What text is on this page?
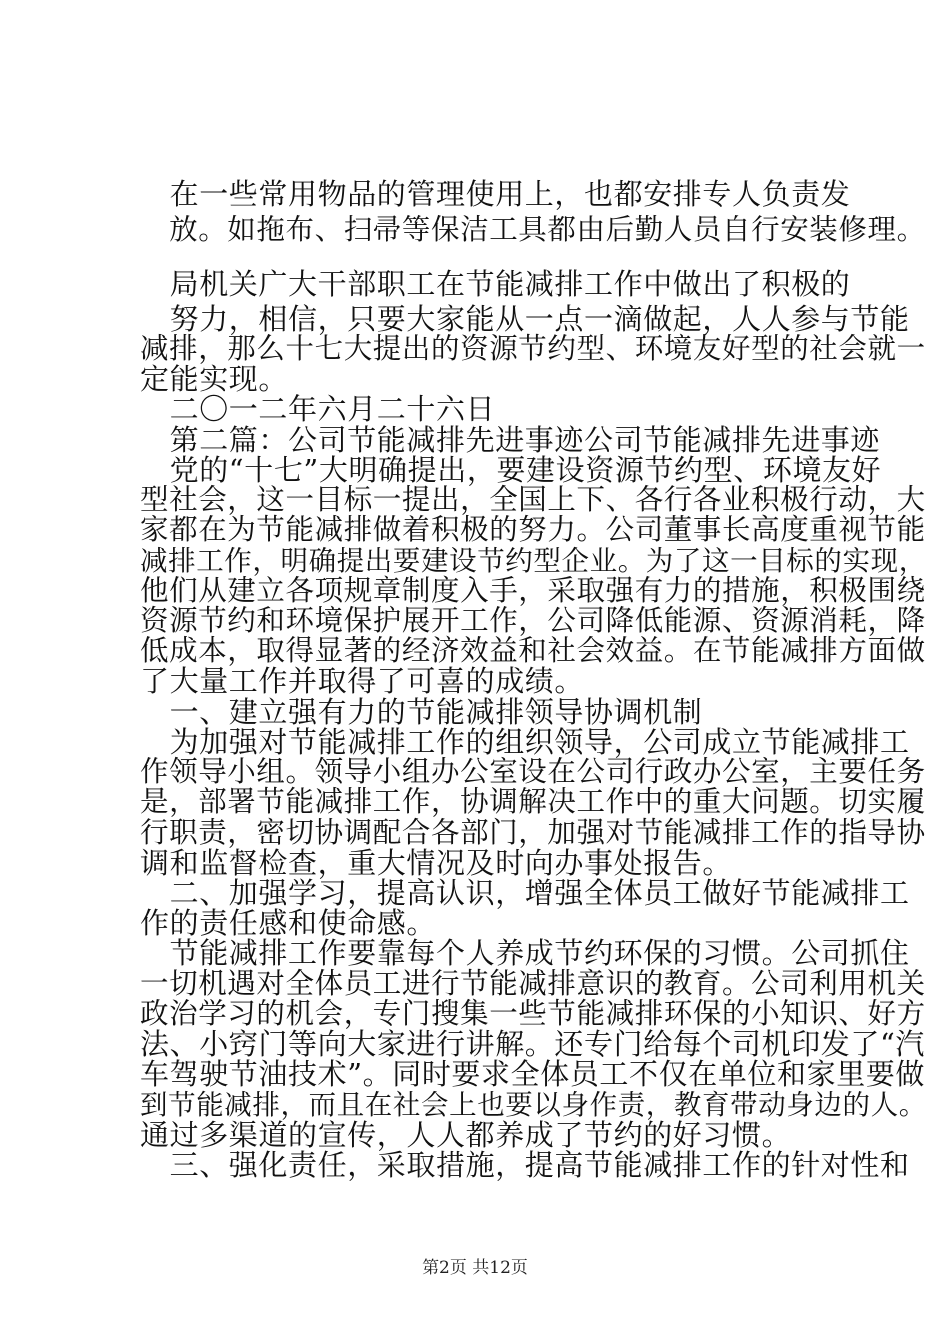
　在一些常用物品的管理使用上，也都安排专人负责发
　放。如拖布、扫帚等保洁工具都由后勤人员自行安装修理。
　局机关广大干部职工在节能减排工作中做出了积极的
　努力，相信，只要大家能从一点一滴做起，人人参与节能
减排，那么十七大提出的资源节约型、环境友好型的社会就一
定能实现。
　二〇一二年六月二十六日
　第二篇：公司节能减排先进事迹公司节能减排先进事迹
　党的“十七”大明确提出，要建设资源节约型、环境友好
型社会，这一目标一提出，全国上下、各行各业积极行动，大
家都在为节能减排做着积极的努力。公司董事长高度重视节能
减排工作，明确提出要建设节约型企业。为了这一目标的实现，
他们从建立各项规章制度入手，采取强有力的措施，积极围绕
资源节约和环境保护展开工作，公司降低能源、资源消耗，降
低成本，取得显著的经济效益和社会效益。在节能减排方面做
了大量工作并取得了可喜的成绩。
　一、建立强有力的节能减排领导协调机制
　为加强对节能减排工作的组织领导，公司成立节能减排工
作领导小组。领导小组办公室设在公司行政办公室，主要任务
是，部署节能减排工作，协调解决工作中的重大问题。切实履
行职责，密切协调配合各部门，加强对节能减排工作的指导协
调和监督检查，重大情况及时向办事处报告。
　二、加强学习，提高认识，增强全体员工做好节能减排工
作的责任感和使命感。
　节能减排工作要靠每个人养成节约环保的习惯。公司抓住
一切机遇对全体员工进行节能减排意识的教育。公司利用机关
政治学习的机会，专门搜集一些节能减排环保的小知识、好方
法、小窍门等向大家进行讲解。还专门给每个司机印发了“汽
车驾驶节油技术”。同时要求全体员工不仅在单位和家里要做
到节能减排，而且在社会上也要以身作责，教育带动身边的人。
通过多渠道的宣传，人人都养成了节约的好习惯。
　三、强化责任，采取措施，提高节能减排工作的针对性和
第2页 共12页
